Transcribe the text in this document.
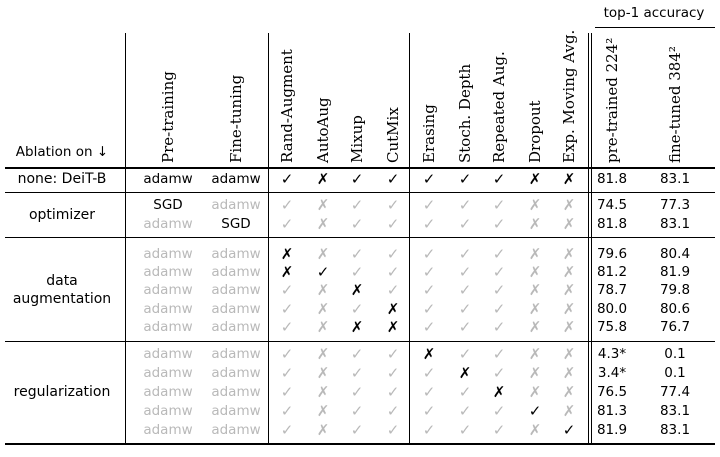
top-1 accuracy
Ablation on ↓	Pre-training	Fine-tuning Rand-Augment AutoAug Mixup CutMix Erasing Stoch. Depth Repeated Aug. Dropout Exp. Moving Avg. pre-trained 224²	fine-tuned 384²
none: DeiT-B	adamw adamw ✓ ✗ ✓ ✓ ✓ ✓ ✓ ✗ ✗ 81.8 83.1
optimizer
SGD adamw ✓ ✗ ✓ ✓ ✓ ✓ ✓ ✗ ✗ 74.5 77.3
adamw SGD ✓ ✗ ✓ ✓ ✓ ✓ ✓ ✗ ✗ 81.8 83.1
data
augmentation
adamw adamw ✗ ✗ ✓ ✓ ✓ ✓ ✓ ✗ ✗ 79.6 80.4
adamw adamw ✗ ✓ ✓ ✓ ✓ ✓ ✓ ✗ ✗ 81.2 81.9
adamw adamw ✓ ✗ ✗ ✓ ✓ ✓ ✓ ✗ ✗ 78.7 79.8
adamw adamw ✓ ✗ ✓ ✗ ✓ ✓ ✓ ✗ ✗ 80.0 80.6
adamw adamw ✓ ✗ ✗ ✗ ✓ ✓ ✓ ✗ ✗ 75.8 76.7
regularization
adamw adamw ✓ ✗ ✓ ✓ ✗ ✓ ✓ ✗ ✗ 4.3*	0.1
adamw adamw ✓ ✗ ✓ ✓ ✓ ✗ ✓ ✗ ✗ 3.4*	0.1
adamw adamw ✓ ✗ ✓ ✓ ✓ ✓ ✗ ✗ ✗ 76.5 77.4
adamw adamw ✓ ✗ ✓ ✓ ✓ ✓ ✓ ✓ ✗ 81.3 83.1
adamw adamw ✓ ✗ ✓ ✓ ✓ ✓ ✓ ✗ ✓ 81.9 83.1
